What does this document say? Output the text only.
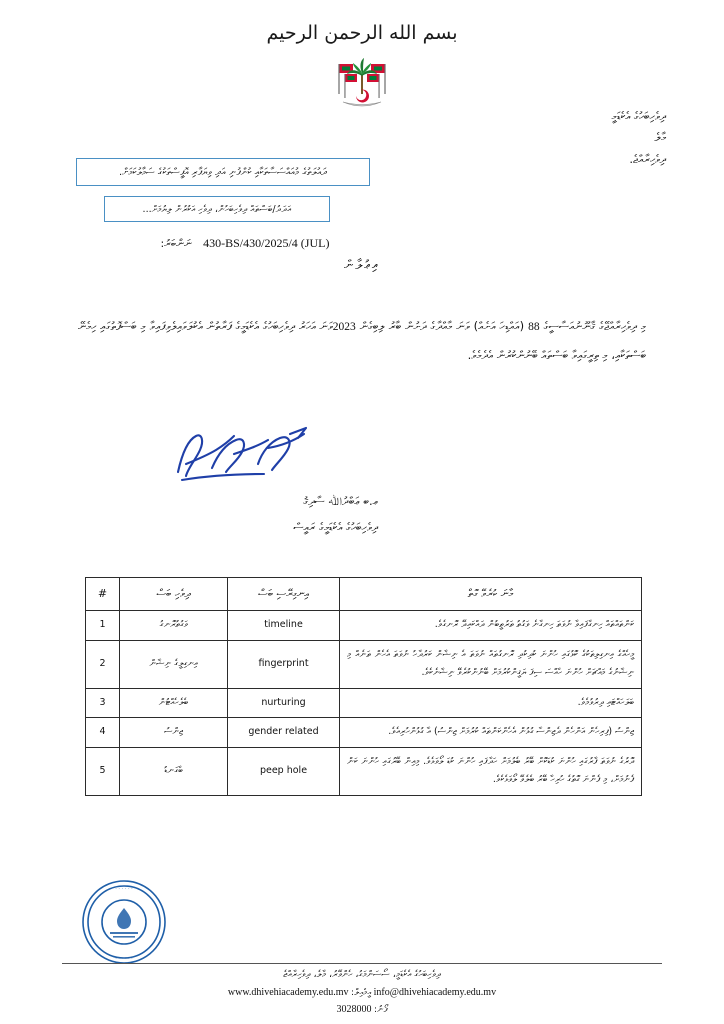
بسم الله الرحمن الرحيم
ދިވެހިބަހުގެ އެކެޑަމީ
މާލެ
ދިވެހިރާއްޖެ.
ދައުލަތުގެ މުއައްސަސާތަކާއި ކުންފުނި އަދި ވިޔަފާރި އޮފީސްތަކުގެ ސަމާލުކަމަށް.
އަދަދު/ބަސްތައް ދިވެހިބަހުން، ދިވެހި އަކުރުން ލިޔުމަށް...
430-BS/430/2025/4 (JUL) ނަންބަރު:
އިޢުލާން
މި ދިވެހިރާއްޖޭގެ ޤާނޫނުއަސާސީގެ 88 (އައްޑިހަ އަށެއް) ވަނަ މާއްދާގެ ދަށުން ބާރު ލިބިގެން 2023ވަނަ އަހަރު ދިވެހިބަހުގެ އެކެޑަމީގެ ފަރާތުން އެކުލަވައިލެވިފައިވާ މި ބަސްފޮތުގައި ހިމެނޭ ބަސްތަކާއި، މި ތިރީގައިވާ ބަސްތައް ބޭނުންކުރުން އެދެމެވެ.
ޢ.ބ ޢަބްދުﷲ ސާދިޤު
ދިވެހިބަހުގެ އެކެޑަމީގެ ރައީސް
މާނަ ކުރެވޭ ގޮތް	އިނގިރޭސި ބަސް	ދިވެހި ބަސް	#
ކަންތައްތައް ހިނގާފައިވާ ނުވަތަ ހިނގާނެ ވަގުތު ތަރުތީބުން ދައްކައިދޭ ރޮނގެވެ.	timeline	ވަގުތުރޮނގު	1
މީހެއްގެ އިނގިލިތަކުގެ ކޮޅުގައި ހުންނަ ކުދިކުދި ރޮނގުތައް ނުވަތަ އެ ނިޝާން ކަރުދާހު ނުވަތަ އެހެން ތަނެއް މި ނިޝާނުގެ މައްޗަށް ހުންނަ ހާއްސަ ސިފަ ޔަޤީންކުރުމަށް ބޭނުންކުރެވޭ ނިޝާނެކެވެ.	fingerprint	އިނގިލީގެ ނިޝާން	2
ބަލަހައްޓައި ދިރުވުމެވެ.	nurturing	ބެލެހެއްޓުން	3
ޖިންސު (ފިރިހެން އަންހެން ދެޖިންސާ ގުޅުން އެހެންކަންތައް ކުރުމަށް ޖިންސު) އާ ގުޅުންހުރިއެވެ.	gender related	ޖިންސު	4
ދޮރުގެ ނުވަތަ ފާރުގައި ހުންނަ ކުޑަކޮށް ބޭރު ބެލުމަށް ހަދާފައި ހުންނަ ކުޑަ ލޯވަޅެވެ. މިއިން ބޭރުގައި ހުންނަ ކަން ފެނުމަށް، މި ފެންނަ ގޮތުގެ ހުރިހާ ބޭރު ބެލެވޭ ލޯވަޅެކެވެ.	peep hole	ބާގަނޑު	5
· · · · · ·
· · · · · ·
ދިވެހިބަހުގެ އެކެޑަމީ، ސޯސަންމަގު، ހެންވޭރު، މާލެ، ދިވެހިރާއްޖެ
www.dhivehiacademy.edu.mv އީމެއިލް: info@dhivehiacademy.edu.mv
ފޯނު: 3028000
